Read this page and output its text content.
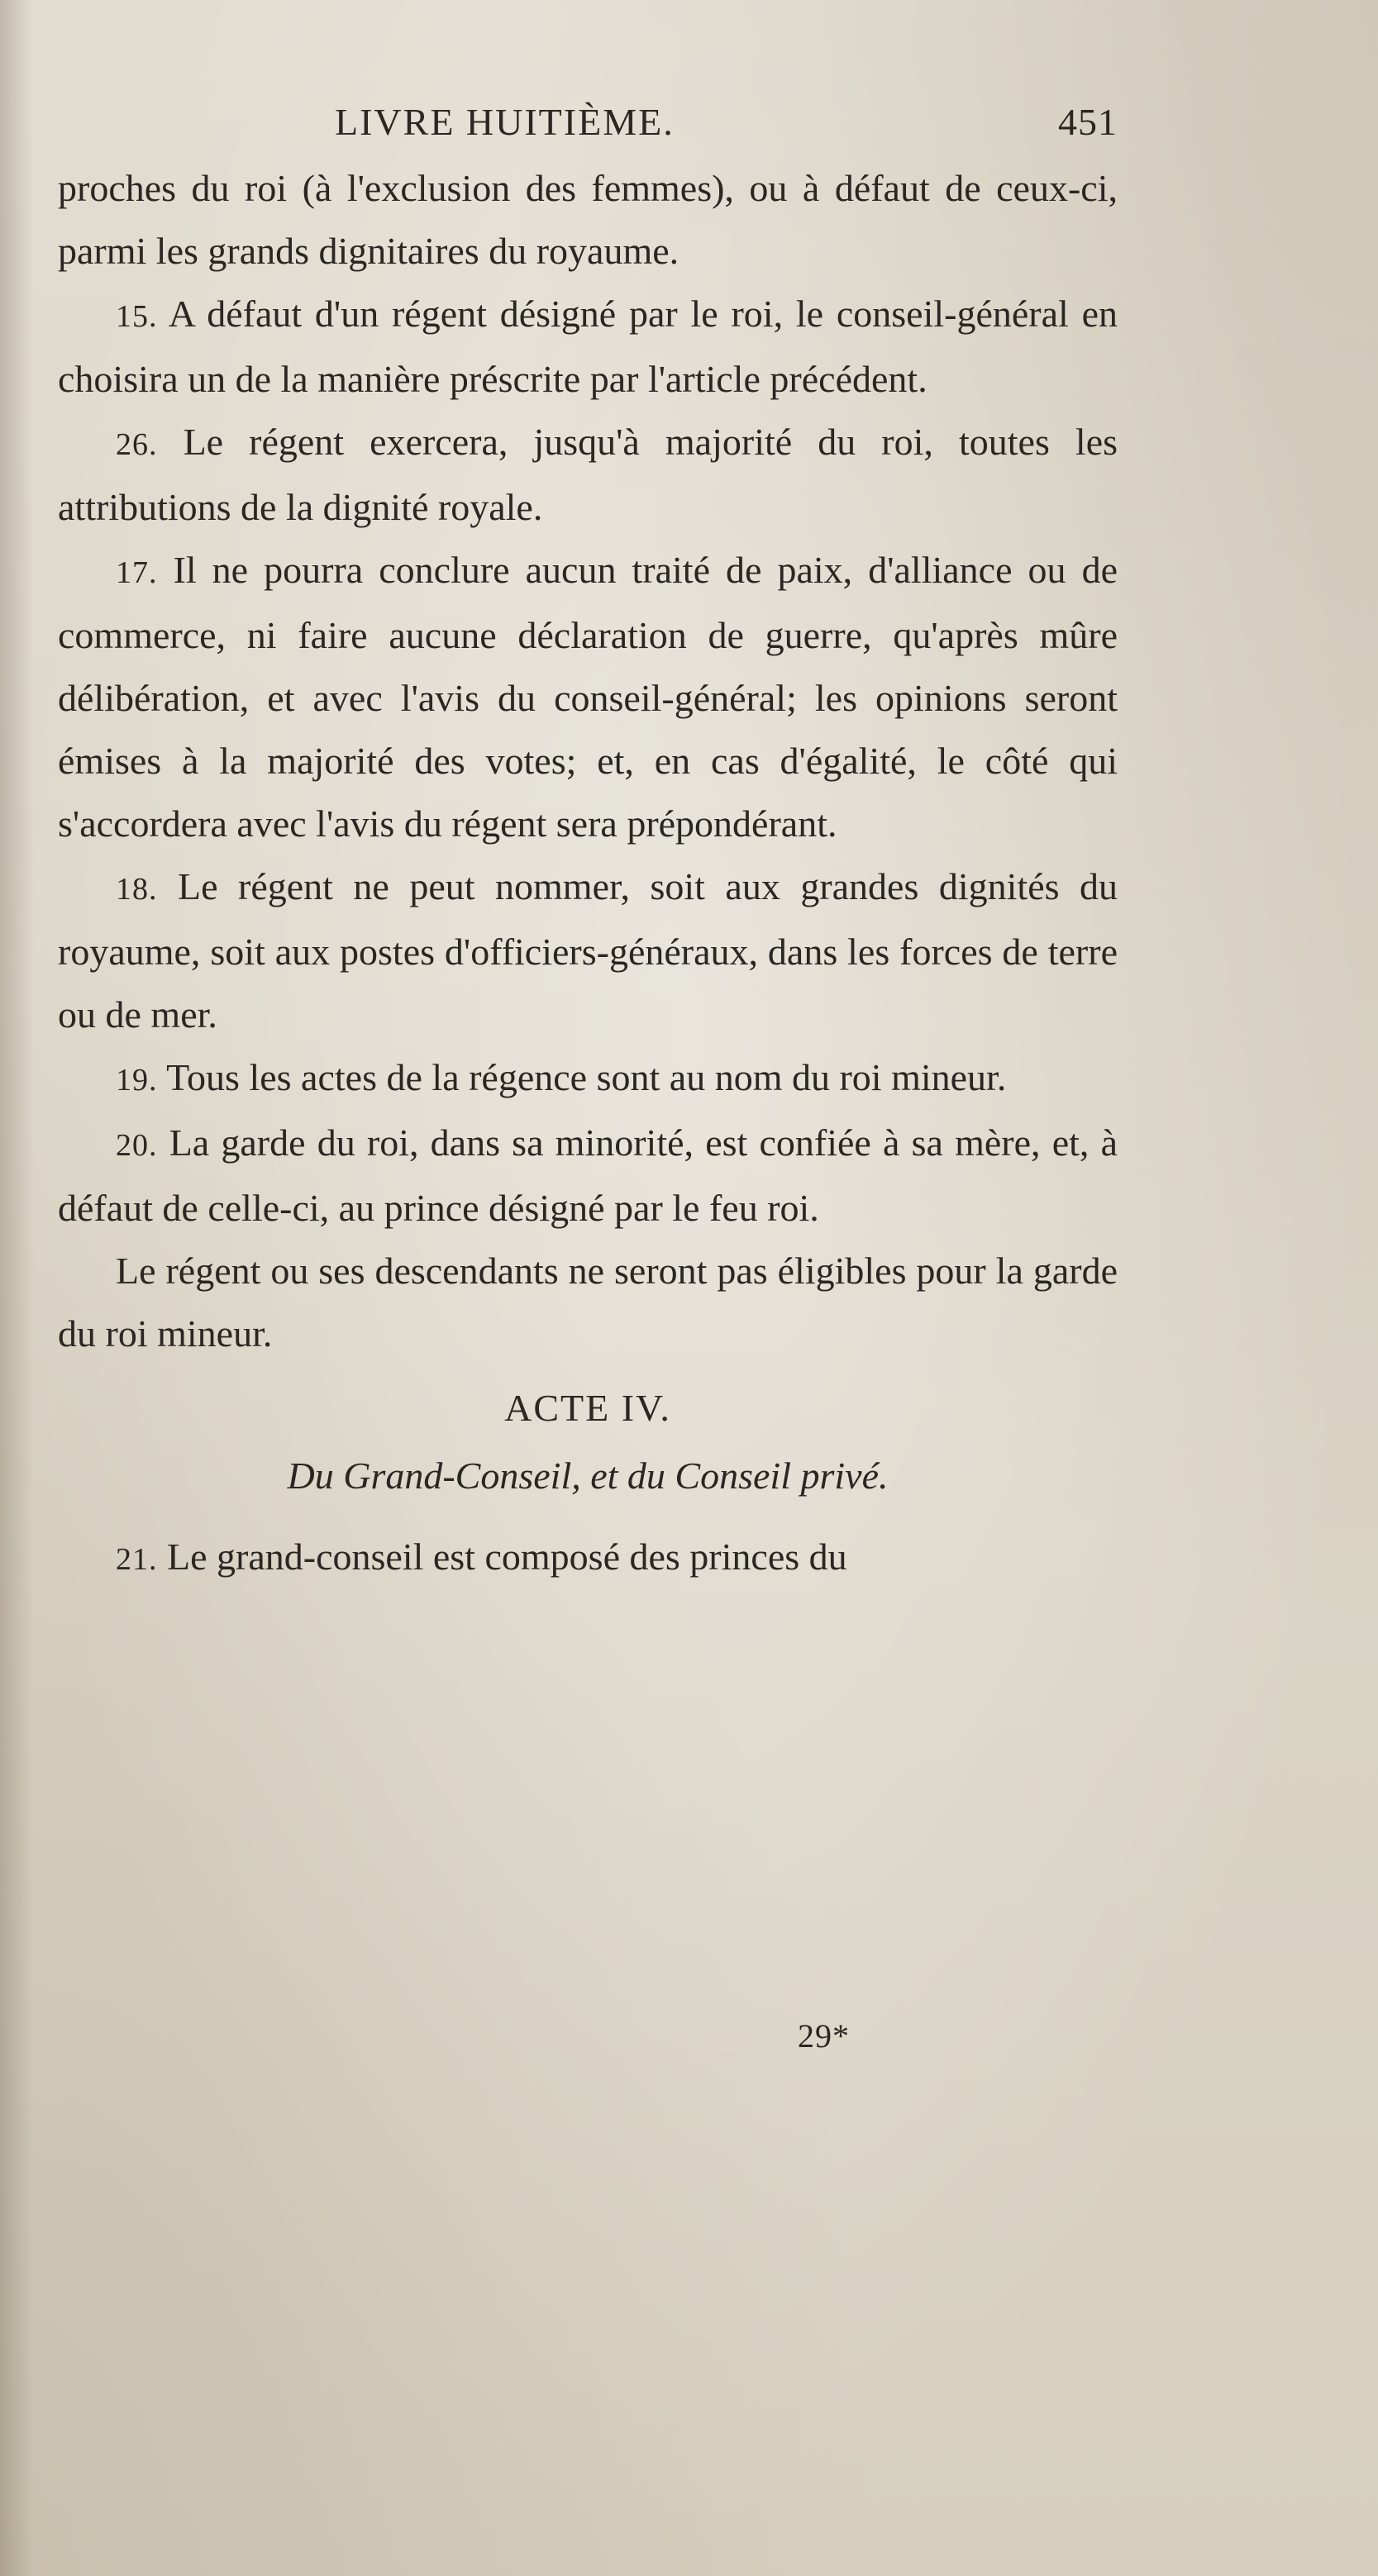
LIVRE HUITIÈME.	451

proches du roi (à l'exclusion des femmes), ou à défaut de ceux-ci, parmi les grands dignitaires du royaume.

15. A défaut d'un régent désigné par le roi, le conseil-général en choisira un de la manière préscrite par l'article précédent.

26. Le régent exercera, jusqu'à majorité du roi, toutes les attributions de la dignité royale.

17. Il ne pourra conclure aucun traité de paix, d'alliance ou de commerce, ni faire aucune déclaration de guerre, qu'après mûre délibération, et avec l'avis du conseil-général; les opinions seront émises à la majorité des votes; et, en cas d'égalité, le côté qui s'accordera avec l'avis du régent sera prépondérant.

18. Le régent ne peut nommer, soit aux grandes dignités du royaume, soit aux postes d'officiers-généraux, dans les forces de terre ou de mer.

19. Tous les actes de la régence sont au nom du roi mineur.

20. La garde du roi, dans sa minorité, est confiée à sa mère, et, à défaut de celle-ci, au prince désigné par le feu roi.

Le régent ou ses descendants ne seront pas éligibles pour la garde du roi mineur.

ACTE IV.
Du Grand-Conseil, et du Conseil privé.

21. Le grand-conseil est composé des princes du

29*
